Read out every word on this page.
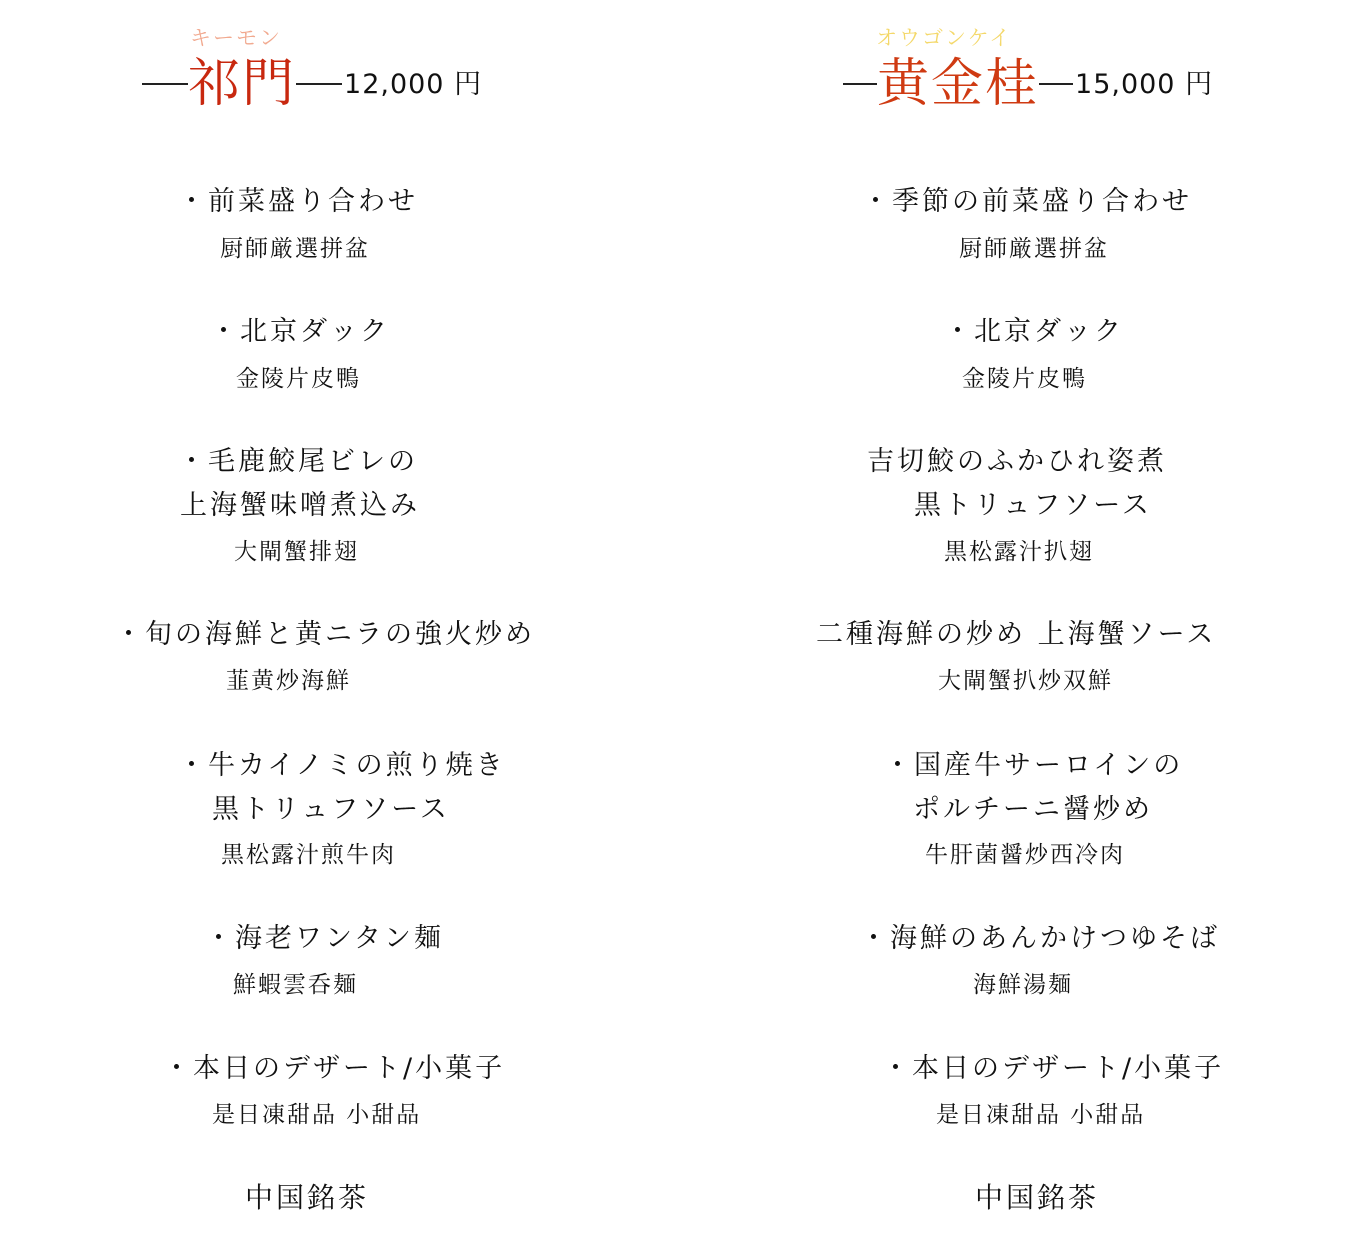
キーモン
祁門 12,000 円
・前菜盛り合わせ
厨師厳選拼盆
・北京ダック
金陵片皮鴨
・毛鹿鮫尾ビレの
上海蟹味噌煮込み
大閘蟹排翅
・旬の海鮮と黄ニラの強火炒め
韮黄炒海鮮
・牛カイノミの煎り焼き
黒トリュフソース
黒松露汁煎牛肉
・海老ワンタン麺
鮮蝦雲呑麺
・本日のデザート/小菓子
是日凍甜品 小甜品
中国銘茶
オウゴンケイ
黄金桂 15,000 円
・季節の前菜盛り合わせ
厨師厳選拼盆
・北京ダック
金陵片皮鴨
吉切鮫のふかひれ姿煮
黒トリュフソース
黒松露汁扒翅
二種海鮮の炒め 上海蟹ソース
大閘蟹扒炒双鮮
・国産牛サーロインの
ポルチーニ醤炒め
牛肝菌醤炒西冷肉
・海鮮のあんかけつゆそば
海鮮湯麺
・本日のデザート/小菓子
是日凍甜品 小甜品
中国銘茶
